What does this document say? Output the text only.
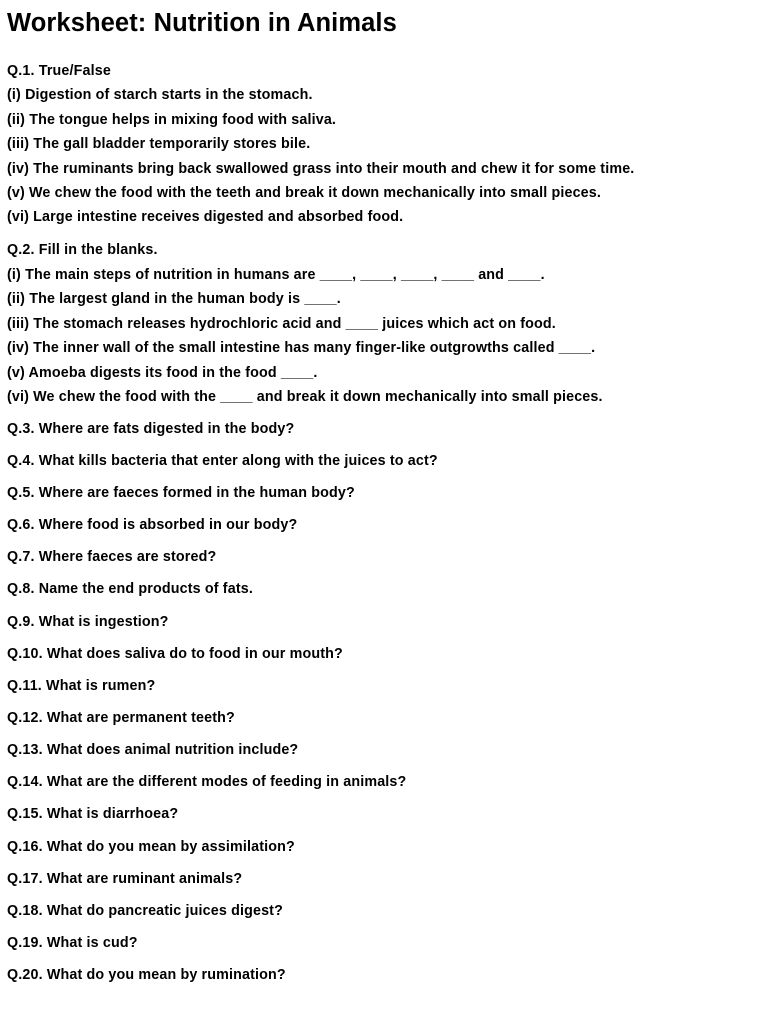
Worksheet: Nutrition in Animals
Q.1. True/False
(i) Digestion of starch starts in the stomach.
(ii) The tongue helps in mixing food with saliva.
(iii) The gall bladder temporarily stores bile.
(iv) The ruminants bring back swallowed grass into their mouth and chew it for some time.
(v) We chew the food with the teeth and break it down mechanically into small pieces.
(vi) Large intestine receives digested and absorbed food.
Q.2. Fill in the blanks.
(i) The main steps of nutrition in humans are ____, ____, ____, ____ and ____.
(ii) The largest gland in the human body is ____.
(iii) The stomach releases hydrochloric acid and ____ juices which act on food.
(iv) The inner wall of the small intestine has many finger-like outgrowths called ____.
(v) Amoeba digests its food in the food ____.
(vi) We chew the food with the ____ and break it down mechanically into small pieces.
Q.3. Where are fats digested in the body?
Q.4. What kills bacteria that enter along with the juices to act?
Q.5. Where are faeces formed in the human body?
Q.6. Where food is absorbed in our body?
Q.7. Where faeces are stored?
Q.8. Name the end products of fats.
Q.9. What is ingestion?
Q.10. What does saliva do to food in our mouth?
Q.11. What is rumen?
Q.12. What are permanent teeth?
Q.13. What does animal nutrition include?
Q.14. What are the different modes of feeding in animals?
Q.15. What is diarrhoea?
Q.16. What do you mean by assimilation?
Q.17. What are ruminant animals?
Q.18. What do pancreatic juices digest?
Q.19. What is cud?
Q.20. What do you mean by rumination?
